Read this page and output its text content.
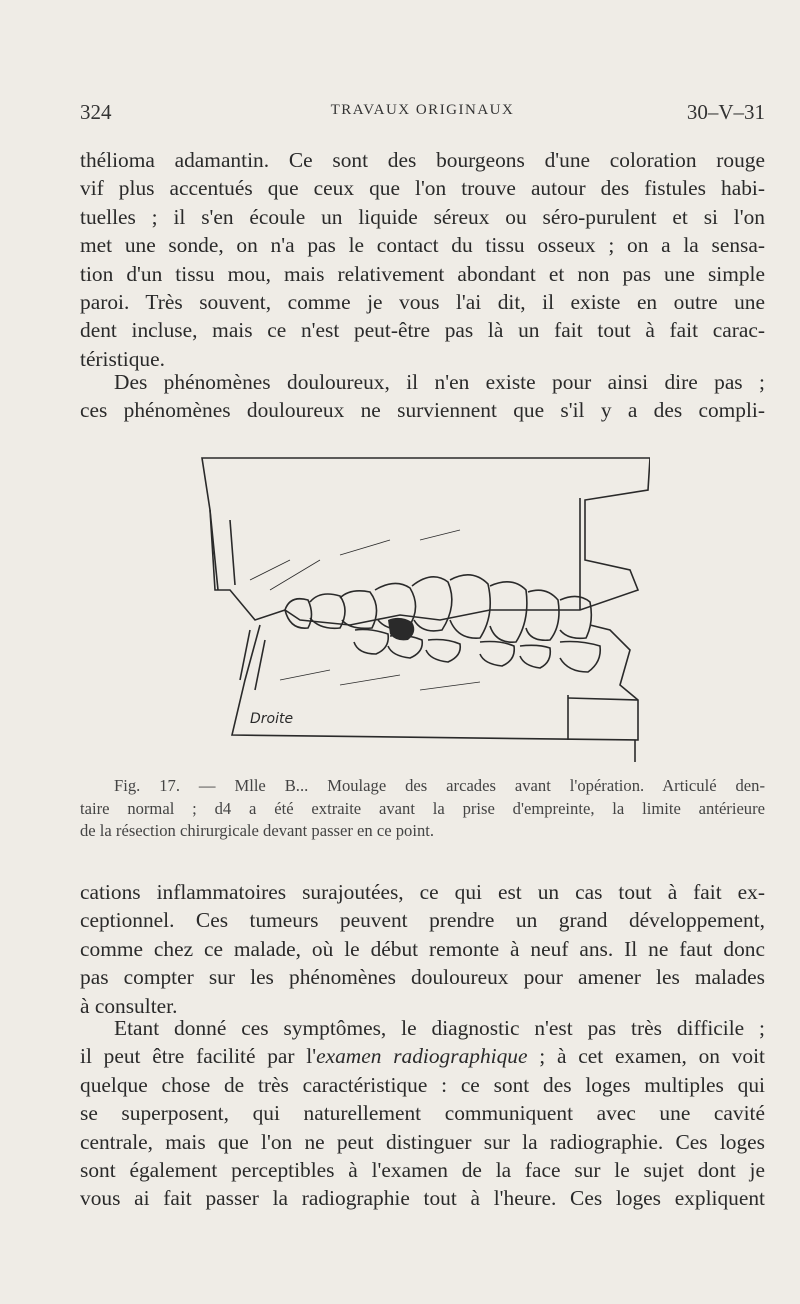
324	TRAVAUX ORIGINAUX	30–V–31
thélioma adamantin. Ce sont des bourgeons d'une coloration rouge
vif plus accentués que ceux que l'on trouve autour des fistules habi-
tuelles ; il s'en écoule un liquide séreux ou séro-purulent et si l'on
met une sonde, on n'a pas le contact du tissu osseux ; on a la sensa-
tion d'un tissu mou, mais relativement abondant et non pas une simple
paroi. Très souvent, comme je vous l'ai dit, il existe en outre une
dent incluse, mais ce n'est peut-être pas là un fait tout à fait carac-
téristique.
Des phénomènes douloureux, il n'en existe pour ainsi dire pas ;
ces phénomènes douloureux ne surviennent que s'il y a des compli-
Droite
Fig. 17. — Mlle B... Moulage des arcades avant l'opération. Articulé den-
taire normal ; d4 a été extraite avant la prise d'empreinte, la limite antérieure
de la résection chirurgicale devant passer en ce point.
cations inflammatoires surajoutées, ce qui est un cas tout à fait ex-
ceptionnel. Ces tumeurs peuvent prendre un grand développement,
comme chez ce malade, où le début remonte à neuf ans. Il ne faut donc
pas compter sur les phénomènes douloureux pour amener les malades
à consulter.
Etant donné ces symptômes, le diagnostic n'est pas très difficile ;
il peut être facilité par l'examen radiographique ; à cet examen, on voit
quelque chose de très caractéristique : ce sont des loges multiples qui
se superposent, qui naturellement communiquent avec une cavité
centrale, mais que l'on ne peut distinguer sur la radiographie. Ces loges
sont également perceptibles à l'examen de la face sur le sujet dont je
vous ai fait passer la radiographie tout à l'heure. Ces loges expliquent
